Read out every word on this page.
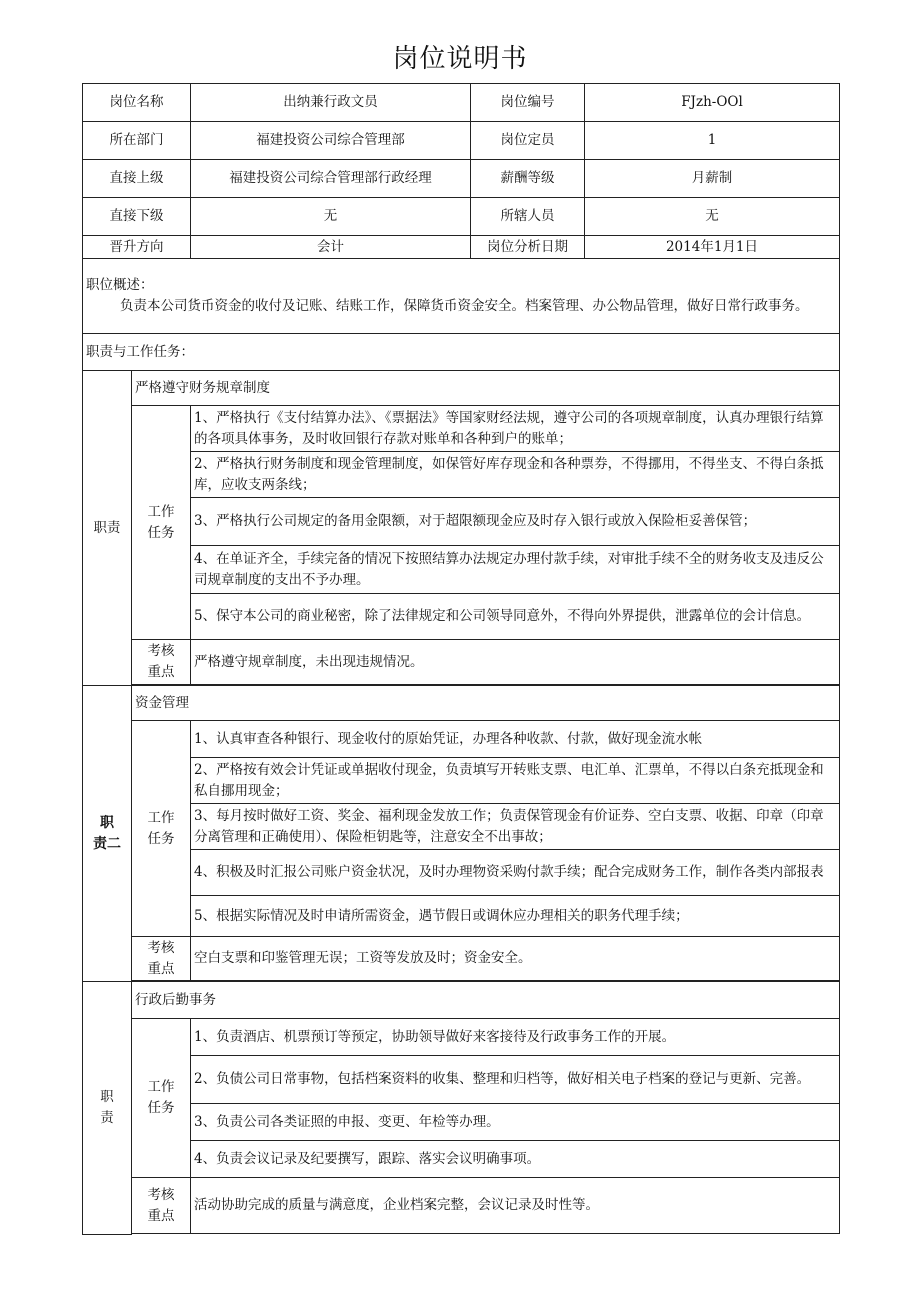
岗位说明书
岗位名称		出纳兼行政文员	岗位编号	FJzh-OOl
所在部门		福建投资公司综合管理部	岗位定员	1
直接上级		福建投资公司综合管理部行政经理	薪酬等级	月薪制
直接下级		无	所辖人员	无
晋升方向		会计	岗位分析日期	2014年1月1日

职位概述：
负责本公司货币资金的收付及记账、结账工作，保障货币资金安全。档案管理、办公物品管理，做好日常行政事务。				

职责与工作任务：				
职责	严格遵守财务规章制度			

	工作
任务	1、严格执行《支付结算办法》、《票据法》等国家财经法规，遵守公司的各项规章制度，认真办理银行结算的各项具体事务，及时收回银行存款对账单和各种到户的账单；		
		2、严格执行财务制度和现金管理制度，如保管好库存现金和各种票券，不得挪用，不得坐支、不得白条抵库，应收支两条线；		
		3、严格执行公司规定的备用金限额，对于超限额现金应及时存入银行或放入保险柜妥善保管；		
		4、在单证齐全，手续完备的情况下按照结算办法规定办理付款手续，对审批手续不全的财务收支及违反公司规章制度的支出不予办理。		
		5、保守本公司的商业秘密，除了法律规定和公司领导同意外，不得向外界提供，泄露单位的会计信息。		

	考核
重点	严格遵守规章制度，未出现违规情况。		

职
责二	资金管理			

	工作
任务	1、认真审查各种银行、现金收付的原始凭证，办理各种收款、付款，做好现金流水帐		
		2、严格按有效会计凭证或单据收付现金，负责填写开转账支票、电汇单、汇票单，不得以白条充抵现金和私自挪用现金；		
		3、每月按时做好工资、奖金、福利现金发放工作；负责保管现金有价证券、空白支票、收据、印章（印章分离管理和正确使用）、保险柜钥匙等，注意安全不出事故；		
		4、积极及时汇报公司账户资金状况，及时办理物资采购付款手续；配合完成财务工作，制作各类内部报表		
		5、根据实际情况及时申请所需资金，遇节假日或调休应办理相关的职务代理手续；		

	考核
重点	空白支票和印鉴管理无误；工资等发放及时；资金安全。		

职
责	行政后勤事务			

	工作
任务	1、负责酒店、机票预订等预定，协助领导做好来客接待及行政事务工作的开展。		
		2、负债公司日常事物，包括档案资料的收集、整理和归档等，做好相关电子档案的登记与更新、完善。		
		3、负责公司各类证照的申报、变更、年检等办理。		
		4、负责会议记录及纪要撰写，跟踪、落实会议明确事项。		

	考核
重点	活动协助完成的质量与满意度，企业档案完整，会议记录及时性等。		
